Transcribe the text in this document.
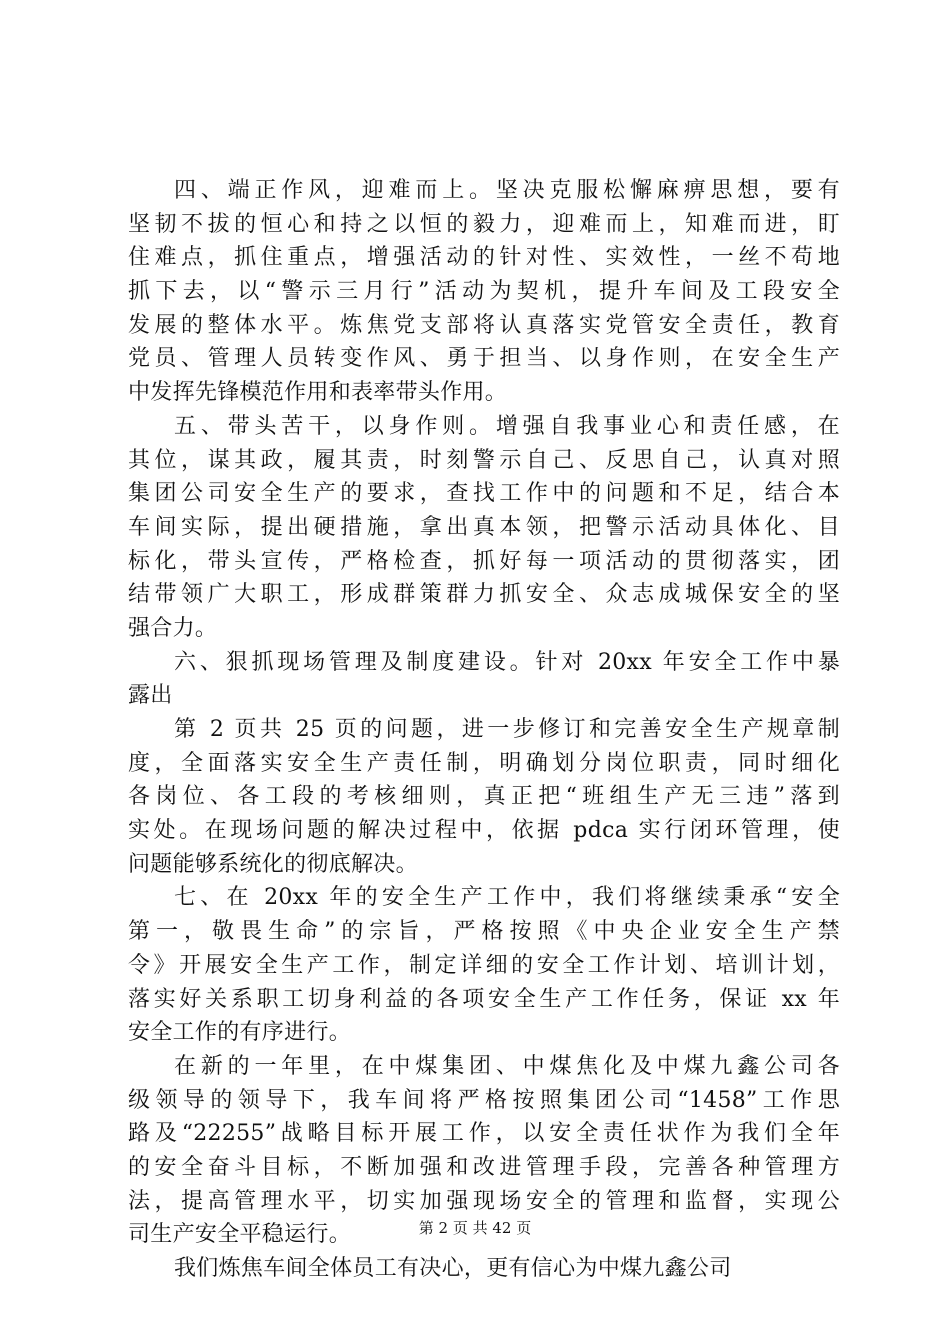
四、端正作风，迎难而上。坚决克服松懈麻痹思想，要有
坚韧不拔的恒心和持之以恒的毅力，迎难而上，知难而进，盯
住难点，抓住重点，增强活动的针对性、实效性，一丝不苟地
抓下去，以“警示三月行”活动为契机，提升车间及工段安全
发展的整体水平。炼焦党支部将认真落实党管安全责任，教育
党员、管理人员转变作风、勇于担当、以身作则，在安全生产
中发挥先锋模范作用和表率带头作用。
五、带头苦干，以身作则。增强自我事业心和责任感，在
其位，谋其政，履其责，时刻警示自己、反思自己，认真对照
集团公司安全生产的要求，查找工作中的问题和不足，结合本
车间实际，提出硬措施，拿出真本领，把警示活动具体化、目
标化，带头宣传，严格检查，抓好每一项活动的贯彻落实，团
结带领广大职工，形成群策群力抓安全、众志成城保安全的坚
强合力。
六、狠抓现场管理及制度建设。针对 20xx 年安全工作中暴
露出
第 2 页共 25 页的问题，进一步修订和完善安全生产规章制
度，全面落实安全生产责任制，明确划分岗位职责，同时细化
各岗位、各工段的考核细则，真正把“班组生产无三违”落到
实处。在现场问题的解决过程中，依据 pdca 实行闭环管理，使
问题能够系统化的彻底解决。
七、在 20xx 年的安全生产工作中，我们将继续秉承“安全
第一，敬畏生命”的宗旨，严格按照《中央企业安全生产禁
令》开展安全生产工作，制定详细的安全工作计划、培训计划，
落实好关系职工切身利益的各项安全生产工作任务，保证 xx 年
安全工作的有序进行。
在新的一年里，在中煤集团、中煤焦化及中煤九鑫公司各
级领导的领导下，我车间将严格按照集团公司“1458”工作思
路及“22255”战略目标开展工作，以安全责任状作为我们全年
的安全奋斗目标，不断加强和改进管理手段，完善各种管理方
法，提高管理水平，切实加强现场安全的管理和监督，实现公
司生产安全平稳运行。
我们炼焦车间全体员工有决心，更有信心为中煤九鑫公司
第 2 页 共 42 页
